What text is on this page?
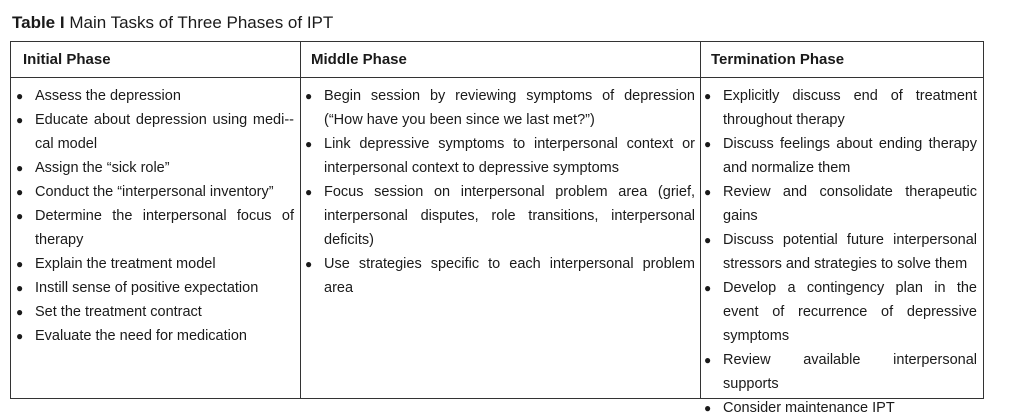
Table I Main Tasks of Three Phases of IPT
Initial Phase
● Assess the depression
● Educate about depression using medi-cal model
● Assign the “sick role”
● Conduct the “interpersonal inventory”
● Determine the interpersonal focus of therapy
● Explain the treatment model
● Instill sense of positive expectation
● Set the treatment contract
● Evaluate the need for medication
Middle Phase
● Begin session by reviewing symptoms of depression (“How have you been since we last met?”)
● Link depressive symptoms to interpersonal context or interpersonal context to depressive symptoms
● Focus session on interpersonal problem area (grief, interpersonal disputes, role transitions, interpersonal deficits)
● Use strategies specific to each interpersonal problem area
Termination Phase
● Explicitly discuss end of treatment throughout therapy
● Discuss feelings about ending therapy and normalize them
● Review and consolidate therapeutic gains
● Discuss potential future interpersonal stressors and strategies to solve them
● Develop a contingency plan in the event of recurrence of depressive symptoms
● Review available interpersonal supports
● Consider maintenance IPT
